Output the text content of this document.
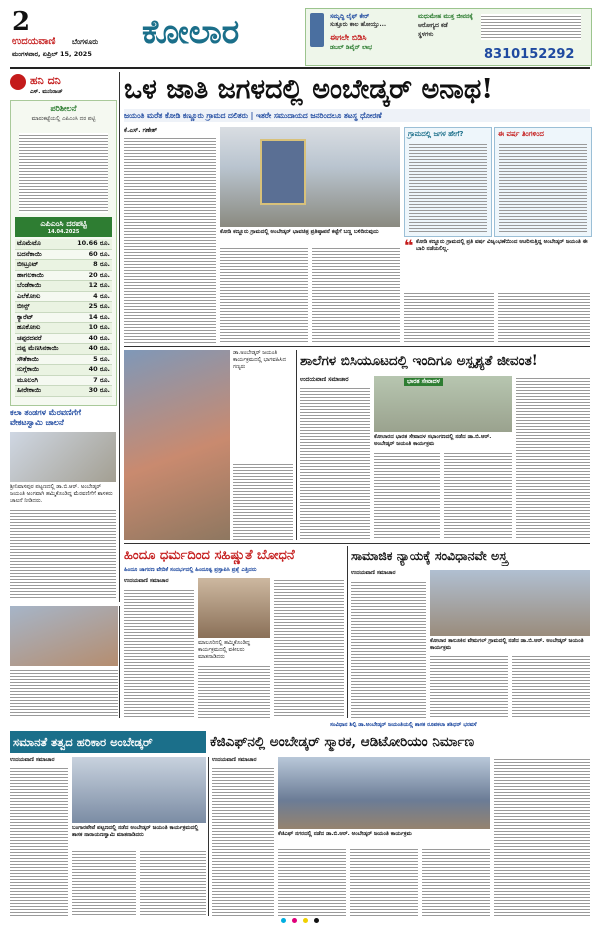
2
ಉದಯವಾಣಿ ಬೆಂಗಳೂರು
ಮಂಗಳವಾರ, ಏಪ್ರಿಲ್ 15, 2025
ಕೋಲಾರ	ಸಮೃದ್ಧಿ ಲೈಫ್ ಕೇರ್
ಸುತ್ತೂರು ಕಾಲ ಹೋಯ್ತು...
ಈಗಲೇ ಬಿಡಿಸಿ
ಡಬಲ್ ಡಿವೈನ್ ಲಾಭ
ಮಧುಮೇಹ ಮುಕ್ತ ಜೀವನಕ್ಕೆ
ಆರೋಗ್ಯದ ಕಡೆ
ಸ್ಥಳಗಳು
8310152292
ಹನಿ ದನಿ
ಎಸ್. ಮುನಿರಾಜ್
ಪರಿಶೀಲನೆ
ಮಾರುಕಟ್ಟೆಯಲ್ಲಿ ಎಪಿಎಂಸಿ ದರ ಪಟ್ಟಿ
ಎಪಿಎಂಸಿ ದರಪಟ್ಟಿ
14.04.2025
ಟೊಮೆಟೊ	10.66 ರೂ.
ಬದನೆಕಾಯಿ	60 ರೂ.
ಬೀಟ್ರೂಟ್	8 ರೂ.
ಹಾಗಲಕಾಯಿ	20 ರೂ.
ಬೆಂಡೆಕಾಯಿ	12 ರೂ.
ಎಲೆಕೋಸು	4 ರೂ.
ಬೀನ್ಸ್	25 ರೂ.
ಕ್ಯಾರೆಟ್	14 ರೂ.
ಹೂಕೋಸು	10 ರೂ.
ಚಪ್ಪರದವರೆ	40 ರೂ.
ದಪ್ಪ ಮೆಣಸಿನಕಾಯಿ	40 ರೂ.
ಸೌತೆಕಾಯಿ	5 ರೂ.
ನುಗ್ಗೆಕಾಯಿ	40 ರೂ.
ಮೂಲಂಗಿ	7 ರೂ.
ಹೀರೇಕಾಯಿ	30 ರೂ.
ಕಲಾ ತಂಡಗಳ ಮೆರವಣಿಗೆಗೆ ವೇಕಟಸ್ವಾಮಿ ಚಾಲನೆ
ಶ್ರೀನಿವಾಸಪುರ ಪಟ್ಟಣದಲ್ಲಿ ಡಾ.ಬಿ.ಆರ್. ಅಂಬೇಡ್ಕರ್ ಜಯಂತಿ ಅಂಗವಾಗಿ ಹಮ್ಮಿಕೊಂಡಿದ್ದ ಮೆರವಣಿಗೆಗೆ ಶಾಸಕರು ಚಾಲನೆ ನೀಡಿದರು.
ಒಳ ಜಾತಿ ಜಗಳದಲ್ಲಿ ಅಂಬೇಡ್ಕರ್ ಅನಾಥ!
ಜಯಂತಿ ಮರೆತ ಕೋಡಿ ಕಣ್ಣೂರು ಗ್ರಾಮದ ದಲಿತರು | ಇತರೇ ಸಮುದಾಯದ ಜನರಿಂದಲೂ ತಟಸ್ಥ ಧೋರಣೆ
ಕೆ.ಎಸ್. ಗಣೇಶ್
ಕೋಡಿ ಕಣ್ಣೂರು ಗ್ರಾಮದಲ್ಲಿ ಅಂಬೇಡ್ಕರ್ ಭಾವಚಿತ್ರ ಪ್ರತಿಷ್ಠಾಪನೆ ಕಟ್ಟೆಗೆ ಬಣ್ಣ ಬಳಿದಿರುವುದು
ಗ್ರಾಮದಲ್ಲಿ ಜಗಳ ಹೇಗೆ?	ಈ ವರ್ಷ ತಿಂಗಳಿಂದ
❝ ಕೋಡಿ ಕಣ್ಣೂರು ಗ್ರಾಮದಲ್ಲಿ ಪ್ರತಿ ವರ್ಷ ವಿಜೃಂಭಣೆಯಿಂದ ಆಚರಿಸುತ್ತಿದ್ದ ಅಂಬೇಡ್ಕರ್ ಜಯಂತಿ ಈ ಬಾರಿ ನಡೆಯಲಿಲ್ಲ.
ಡಾ.ಅಂಬೇಡ್ಕರ್ ಜಯಂತಿ ಕಾರ್ಯಕ್ರಮದಲ್ಲಿ ಭಾಗವಹಿಸಿದ ಗಣ್ಯರು	ಶಾಲೆಗಳ ಬಿಸಿಯೂಟದಲ್ಲಿ ಇಂದಿಗೂ ಅಸ್ಪೃಶ್ಯತೆ ಜೀವಂತ!
ಉದಯವಾಣಿ ಸಮಾಚಾರ	ಭಾರತ ಸೇವಾದಳ
ಕೋಲಾರದ ಭಾರತ ಸೇವಾದಳ ಸಭಾಂಗಣದಲ್ಲಿ ನಡೆದ ಡಾ.ಬಿ.ಆರ್. ಅಂಬೇಡ್ಕರ್ ಜಯಂತಿ ಕಾರ್ಯಕ್ರಮ
ಹಿಂದೂ ಧರ್ಮದಿಂದ ಸಹಿಷ್ಣುತೆ ಬೋಧನೆ
ಹಿಂದೂ ಜಾಗರಣ ವೇದಿಕೆ ಸಂದರ್ಭದಲ್ಲಿ ಹಿಂದೂತ್ವ ಪ್ರಸ್ತಾಪಿಸಿ ಪ್ರಶ್ನೆ ಎತ್ತಿದರು
ಉದಯವಾಣಿ ಸಮಾಚಾರ
ಮಾಲೂರಿನಲ್ಲಿ ಹಮ್ಮಿಕೊಂಡಿದ್ದ ಕಾರ್ಯಕ್ರಮದಲ್ಲಿ ವಕೀಲರು ಮಾತನಾಡಿದರು
ಸಾಮಾಜಿಕ ನ್ಯಾಯಕ್ಕೆ ಸಂವಿಧಾನವೇ ಅಸ್ತ್ರ
ಉದಯವಾಣಿ ಸಮಾಚಾರ
ಕೋಲಾರ ತಾಲೂಕಿನ ವೇಮಗಲ್ ಗ್ರಾಮದಲ್ಲಿ ನಡೆದ ಡಾ.ಬಿ.ಆರ್. ಅಂಬೇಡ್ಕರ್ ಜಯಂತಿ ಕಾರ್ಯಕ್ರಮ
ಸಂವಿಧಾನ ಶಿಲ್ಪಿ ಡಾ.ಅಂಬೇಡ್ಕರ್ ಜಯಂತಿಯಲ್ಲಿ ಶಾಸಕ ರೂಪಕಲಾ ಶಶಿಧರ್ ಭರವಸೆ
ಸಮಾನತೆ ತತ್ವದ ಹರಿಕಾರ ಅಂಬೇಡ್ಕರ್	ಕೆಜಿಎಫ್‌ನಲ್ಲಿ ಅಂಬೇಡ್ಕರ್ ಸ್ಮಾರಕ, ಆಡಿಟೋರಿಯಂ ನಿರ್ಮಾಣ
ಉದಯವಾಣಿ ಸಮಾಚಾರ
ಬಂಗಾರಪೇಟೆ ಪಟ್ಟಣದಲ್ಲಿ ನಡೆದ ಅಂಬೇಡ್ಕರ್ ಜಯಂತಿ ಕಾರ್ಯಕ್ರಮದಲ್ಲಿ ಶಾಸಕ ನಾರಾಯಣಸ್ವಾಮಿ ಮಾತನಾಡಿದರು
ಉದಯವಾಣಿ ಸಮಾಚಾರ
ಕೆಜಿಎಫ್ ನಗರದಲ್ಲಿ ನಡೆದ ಡಾ.ಬಿ.ಆರ್. ಅಂಬೇಡ್ಕರ್ ಜಯಂತಿ ಕಾರ್ಯಕ್ರಮ
